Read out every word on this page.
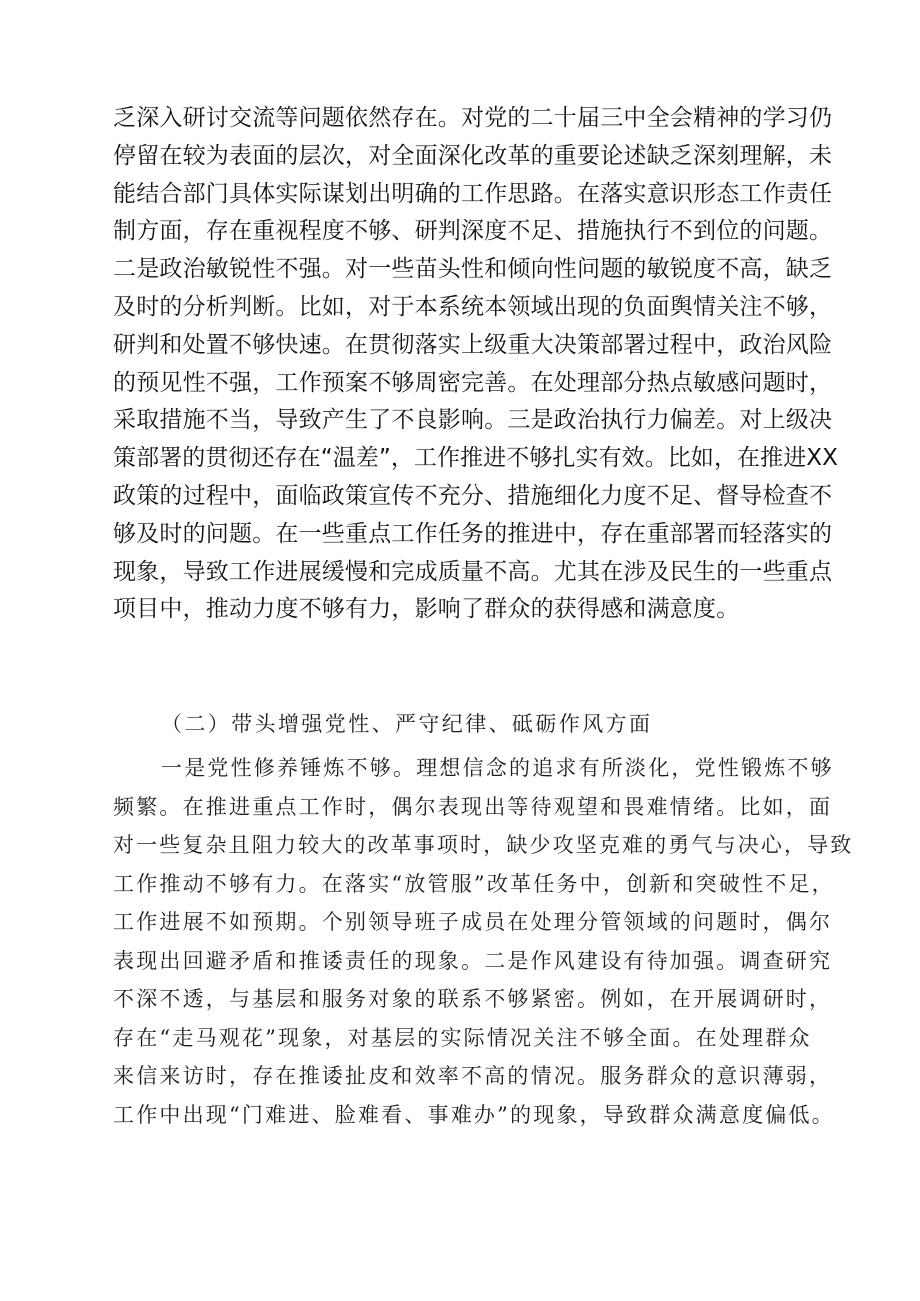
乏深入研讨交流等问题依然存在。对党的二十届三中全会精神的学习仍
停留在较为表面的层次，对全面深化改革的重要论述缺乏深刻理解，未
能结合部门具体实际谋划出明确的工作思路。在落实意识形态工作责任
制方面，存在重视程度不够、研判深度不足、措施执行不到位的问题。
二是政治敏锐性不强。对一些苗头性和倾向性问题的敏锐度不高，缺乏
及时的分析判断。比如，对于本系统本领域出现的负面舆情关注不够，
研判和处置不够快速。在贯彻落实上级重大决策部署过程中，政治风险
的预见性不强，工作预案不够周密完善。在处理部分热点敏感问题时，
采取措施不当，导致产生了不良影响。三是政治执行力偏差。对上级决
策部署的贯彻还存在“温差”，工作推进不够扎实有效。比如，在推进XX
政策的过程中，面临政策宣传不充分、措施细化力度不足、督导检查不
够及时的问题。在一些重点工作任务的推进中，存在重部署而轻落实的
现象，导致工作进展缓慢和完成质量不高。尤其在涉及民生的一些重点
项目中，推动力度不够有力，影响了群众的获得感和满意度。
（二）带头增强党性、严守纪律、砥砺作风方面
一是党性修养锤炼不够。理想信念的追求有所淡化，党性锻炼不够
频繁。在推进重点工作时，偶尔表现出等待观望和畏难情绪。比如，面
对一些复杂且阻力较大的改革事项时，缺少攻坚克难的勇气与决心，导致
工作推动不够有力。在落实“放管服”改革任务中，创新和突破性不足，
工作进展不如预期。个别领导班子成员在处理分管领域的问题时，偶尔
表现出回避矛盾和推诿责任的现象。二是作风建设有待加强。调查研究
不深不透，与基层和服务对象的联系不够紧密。例如，在开展调研时，
存在“走马观花”现象，对基层的实际情况关注不够全面。在处理群众
来信来访时，存在推诿扯皮和效率不高的情况。服务群众的意识薄弱，
工作中出现“门难进、脸难看、事难办”的现象，导致群众满意度偏低。
